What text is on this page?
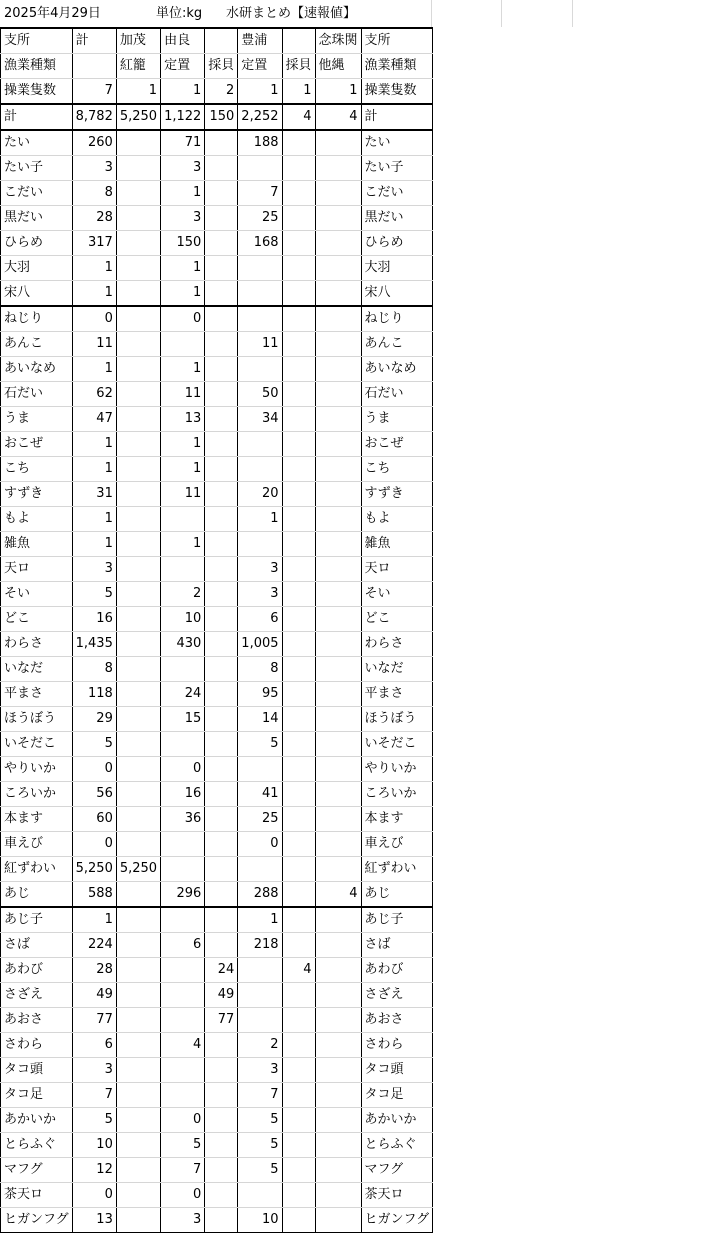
2025年4月29日	単位:kg 水研まとめ【速報値】
支所	計	加茂	由良		豊浦		念珠関	支所
漁業種類		紅籠	定置	採貝	定置	採貝	他縄	漁業種類
操業隻数	7	1	1	2	1	1	1	操業隻数
計	8,782	5,250	1,122	150	2,252	4	4	計
たい	260		71		188			たい
たい子	3		3					たい子
こだい	8		1		7			こだい
黒だい	28		3		25			黒だい
ひらめ	317		150		168			ひらめ
大羽	1		1					大羽
宋八	1		1					宋八
ねじり	0		0					ねじり
あんこ	11				11			あんこ
あいなめ	1		1					あいなめ
石だい	62		11		50			石だい
うま	47		13		34			うま
おこぜ	1		1					おこぜ
こち	1		1					こち
すずき	31		11		20			すずき
もよ	1				1			もよ
雑魚	1		1					雑魚
天ロ	3				3			天ロ
そい	5		2		3			そい
どこ	16		10		6			どこ
わらさ	1,435		430		1,005			わらさ
いなだ	8				8			いなだ
平まさ	118		24		95			平まさ
ほうぼう	29		15		14			ほうぼう
いそだこ	5				5			いそだこ
やりいか	0		0					やりいか
ころいか	56		16		41			ころいか
本ます	60		36		25			本ます
車えび	0				0			車えび
紅ずわい	5,250	5,250						紅ずわい
あじ	588		296		288		4	あじ
あじ子	1				1			あじ子
さば	224		6		218			さば
あわび	28			24		4		あわび
さざえ	49			49				さざえ
あおさ	77			77				あおさ
さわら	6		4		2			さわら
タコ頭	3				3			タコ頭
タコ足	7				7			タコ足
あかいか	5		0		5			あかいか
とらふぐ	10		5		5			とらふぐ
マフグ	12		7		5			マフグ
茶天ロ	0		0					茶天ロ
ヒガンフグ	13		3		10			ヒガンフグ
